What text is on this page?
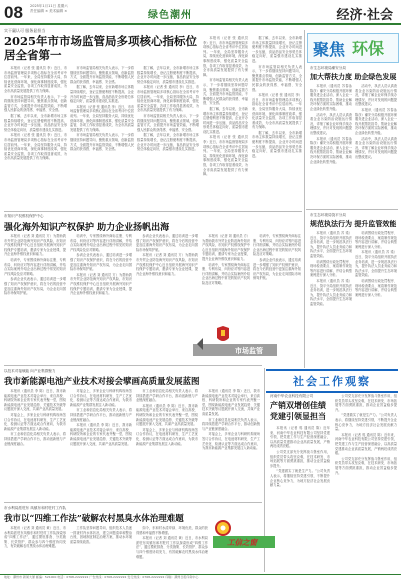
08 2025年1月11日 星期六
责任编辑 × 美术编辑 ×	绿色潮州	经济·社会
实干赢认可 服务显担当
2025年市市场监管局多项核心指标位居全省第一

本报讯（记者 张 通讯员 李）近日，市市场监督管理局多项核心指标在全省考评中位居前列。一年来，全局坚持服务大局，持续优化营商环境，深化商事制度改革，强化质量安全监管，各项工作取得显著成效，为全市高质量发展提供了有力保障。

市市场监管局相关负责人表示，下一步将继续坚持问题导向，聚焦重点领域，创新监管方式，全面提升市场监管效能，不断增强人民群众的获得感、幸福感、安全感。

据了解，去年以来，全市新增市场主体数量持续增长，登记注册便利度不断提高，企业开办时间进一步压缩，食品药品安全形势总体稳定向好，质量强市建设扎实推进。

本报讯（记者 张 通讯员 李）近日，市市场监督管理局多项核心指标在全省考评中位居前列。一年来，全局坚持服务大局，持续优化营商环境，深化商事制度改革，强化质量安全监管，各项工作取得显著成效，为全市高质量发展提供了有力保障。

市市场监管局相关负责人表示，下一步将继续坚持问题导向，聚焦重点领域，创新监管方式，全面提升市场监管效能，不断增强人民群众的获得感、幸福感、安全感。

据了解，去年以来，全市新增市场主体数量持续增长，登记注册便利度不断提高，企业开办时间进一步压缩，食品药品安全形势总体稳定向好，质量强市建设扎实推进。

本报讯（记者 张 通讯员 李）近日，市市场监督管理局多项核心指标在全省考评中位居前列。一年来，全局坚持服务大局，持续优化营商环境，深化商事制度改革，强化质量安全监管，各项工作取得显著成效，为全市高质量发展提供了有力保障。

市市场监管局相关负责人表示，下一步将继续坚持问题导向，聚焦重点领域，创新监管方式，全面提升市场监管效能，不断增强人民群众的获得感、幸福感、安全感。

据了解，去年以来，全市新增市场主体数量持续增长，登记注册便利度不断提高，企业开办时间进一步压缩，食品药品安全形势总体稳定向好，质量强市建设扎实推进。

本报讯（记者 张 通讯员 李）近日，市市场监督管理局多项核心指标在全省考评中位居前列。一年来，全局坚持服务大局，持续优化营商环境，深化商事制度改革，强化质量安全监管，各项工作取得显著成效，为全市高质量发展提供了有力保障。

市市场监管局相关负责人表示，下一步将继续坚持问题导向，聚焦重点领域，创新监管方式，全面提升市场监管效能，不断增强人民群众的获得感、幸福感、安全感。

据了解，去年以来，全市新增市场主体数量持续增长，登记注册便利度不断提高，企业开办时间进一步压缩，食品药品安全形势总体稳定向好，质量强市建设扎实推进。

本报讯（记者 张 通讯员 李）近日，市市场监督管理局多项核心指标在全省考评中位居前列。一年来，全局坚持服务大局，持续优化营商环境，深化商事制度改革，强化质量安全监管，各项工作取得显著成效，为全市高质量发展提供了有力保障。

市市场监管局相关负责人表示，下一步将继续坚持问题导向，聚焦重点领域，创新监管方式，全面提升市场监管效能，不断增强人民群众的获得感、幸福感、安全感。

据了解，去年以来，全市新增市场主体数量持续增长，登记注册便利度不断提高，企业开办时间进一步压缩，食品药品安全形势总体稳定向好，质量强市建设扎实推进。

本报讯（记者 张 通讯员 李）近日，市市场监督管理局多项核心指标在全省考评中位居前列。一年来，全局坚持服务大局，持续优化营商环境，深化商事制度改革，强化质量安全监管，各项工作取得显著成效，为全市高质量发展提供了有力保障。

据了解，去年以来，全市新增市场主体数量持续增长，登记注册便利度不断提高，企业开办时间进一步压缩，食品药品安全形势总体稳定向好，质量强市建设扎实推进。

市市场监管局相关负责人表示，下一步将继续坚持问题导向，聚焦重点领域，创新监管方式，全面提升市场监管效能，不断增强人民群众的获得感、幸福感、安全感。

本报讯（记者 张 通讯员 李）近日，市市场监督管理局多项核心指标在全省考评中位居前列。一年来，全局坚持服务大局，持续优化营商环境，深化商事制度改革，强化质量安全监管，各项工作取得显著成效，为全市高质量发展提供了有力保障。

据了解，去年以来，全市新增市场主体数量持续增长，登记注册便利度不断提高，企业开办时间进一步压缩，食品药品安全形势总体稳定向好，质量强市建设扎实推进。

聚焦 环保
市生态环境局潮安分局
加大帮扶力度 助企绿色发展

本报讯（通讯员 苏春泳 陈彦）潮安分局积极开展环保服务进企业活动，深入企业一线开展帮扶指导，帮助企业解决环保方面的实际困难，推动企业绿色转型升级。

活动中，执法人员认真查看企业污染防治设施运行情况，详细了解企业环保手续办理情况，并针对发现的问题提出整改建议。

本报讯（通讯员 苏春泳 陈彦）潮安分局积极开展环保服务进企业活动，深入企业一线开展帮扶指导，帮助企业解决环保方面的实际困难，推动企业绿色转型升级。

活动中，执法人员认真查看企业污染防治设施运行情况，详细了解企业环保手续办理情况，并针对发现的问题提出整改建议。

本报讯（通讯员 苏春泳 陈彦）潮安分局积极开展环保服务进企业活动，深入企业一线开展帮扶指导，帮助企业解决环保方面的实际困难，推动企业绿色转型升级。

活动中，执法人员认真查看企业污染防治设施运行情况，详细了解企业环保手续办理情况，并针对发现的问题提出整改建议。

市生态环境局饶平分局
规范执法行为 提升监管效能

本报讯（通讯员 苏 梁）近日，饶平分局组织开展执法业务培训，进一步规范执法行为，提升执法人员业务能力和执法水平，全面提升生态环境监管效能。

培训围绕行政处罚程序、现场检查要点、案卷制作规范等内容进行讲解，并结合典型案例进行深入分析。

本报讯（通讯员 苏 梁）近日，饶平分局组织开展执法业务培训，进一步规范执法行为，提升执法人员业务能力和执法水平，全面提升生态环境监管效能。

培训围绕行政处罚程序、现场检查要点、案卷制作规范等内容进行讲解，并结合典型案例进行深入分析。

本报讯（通讯员 苏 梁）近日，饶平分局组织开展执法业务培训，进一步规范执法行为，提升执法人员业务能力和执法水平，全面提升生态环境监管效能。

培训围绕行政处罚程序、现场检查要点、案卷制作规范等内容进行讲解，并结合典型案例进行深入分析。

市知识产权维权保护中心
强化海外知识产权保护 助力企业扬帆出海

本报讯（记者 刘 通讯员 方）为帮助我市外贸企业防范海外知识产权风险，市知识产权维权保护中心近日组织开展海外知识产权保护专题培训，邀请专家为企业授课，提升企业海外维权意识和能力。

培训中，专家围绕海外商标注册、专利布局、纠纷应对等内容进行详细讲解，并结合实际案例介绍企业出海过程中常见的知识产权风险及应对策略。

参训企业代表表示，通过培训进一步增强了知识产权保护意识，将在今后的经营中更加注重海外知识产权布局，为企业走向国际市场保驾护航。

培训中，专家围绕海外商标注册、专利布局、纠纷应对等内容进行详细讲解，并结合实际案例介绍企业出海过程中常见的知识产权风险及应对策略。

参训企业代表表示，通过培训进一步增强了知识产权保护意识，将在今后的经营中更加注重海外知识产权布局，为企业走向国际市场保驾护航。

本报讯（记者 刘 通讯员 方）为帮助我市外贸企业防范海外知识产权风险，市知识产权维权保护中心近日组织开展海外知识产权保护专题培训，邀请专家为企业授课，提升企业海外维权意识和能力。

参训企业代表表示，通过培训进一步增强了知识产权保护意识，将在今后的经营中更加注重海外知识产权布局，为企业走向国际市场保驾护航。

本报讯（记者 刘 通讯员 方）为帮助我市外贸企业防范海外知识产权风险，市知识产权维权保护中心近日组织开展海外知识产权保护专题培训，邀请专家为企业授课，提升企业海外维权意识和能力。

本报讯（记者 刘 通讯员 方）为帮助我市外贸企业防范海外知识产权风险，市知识产权维权保护中心近日组织开展海外知识产权保护专题培训，邀请专家为企业授课，提升企业海外维权意识和能力。

培训中，专家围绕海外商标注册、专利布局、纠纷应对等内容进行详细讲解，并结合实际案例介绍企业出海过程中常见的知识产权风险及应对策略。

培训中，专家围绕海外商标注册、专利布局、纠纷应对等内容进行详细讲解，并结合实际案例介绍企业出海过程中常见的知识产权风险及应对策略。

参训企业代表表示，通过培训进一步增强了知识产权保护意识，将在今后的经营中更加注重海外知识产权布局，为企业走向国际市场保驾护航。

市场监管
以技术对接赋能 向产业集群聚力
我市新能源电池产业技术对接会擘画高质量发展蓝图

本报讯（通讯员 李 陈）近日，我市新能源电池产业技术对接会举行，来自高校、科研院所和企业的专家代表齐聚一堂，围绕新能源电池产业发展趋势、关键技术突破等议题展开深入交流，共谋产业高质量发展。

对接会上，多家企业与科研机构现场签订合作协议，在电池材料研发、生产工艺优化、检测认证等方面达成合作意向，为我市新能源产业集群发展注入新动能。

市工业和信息化局相关负责人表示，将持续搭建产学研合作平台，推动创新链与产业链深度融合。

对接会上，多家企业与科研机构现场签订合作协议，在电池材料研发、生产工艺优化、检测认证等方面达成合作意向，为我市新能源产业集群发展注入新动能。

市工业和信息化局相关负责人表示，将持续搭建产学研合作平台，推动创新链与产业链深度融合。

本报讯（通讯员 李 陈）近日，我市新能源电池产业技术对接会举行，来自高校、科研院所和企业的专家代表齐聚一堂，围绕新能源电池产业发展趋势、关键技术突破等议题展开深入交流，共谋产业高质量发展。

市工业和信息化局相关负责人表示，将持续搭建产学研合作平台，推动创新链与产业链深度融合。

本报讯（通讯员 李 陈）近日，我市新能源电池产业技术对接会举行，来自高校、科研院所和企业的专家代表齐聚一堂，围绕新能源电池产业发展趋势、关键技术突破等议题展开深入交流，共谋产业高质量发展。

对接会上，多家企业与科研机构现场签订合作协议，在电池材料研发、生产工艺优化、检测认证等方面达成合作意向，为我市新能源产业集群发展注入新动能。

本报讯（通讯员 李 陈）近日，我市新能源电池产业技术对接会举行，来自高校、科研院所和企业的专家代表齐聚一堂，围绕新能源电池产业发展趋势、关键技术突破等议题展开深入交流，共谋产业高质量发展。

市工业和信息化局相关负责人表示，将持续搭建产学研合作平台，推动创新链与产业链深度融合。

对接会上，多家企业与科研机构现场签订合作协议，在电池材料研发、生产工艺优化、检测认证等方面达成合作意向，为我市新能源产业集群发展注入新动能。

社会工作观察
河南中华农业科技有限公司
产销双增创佳绩 党建引领显担当

本报讯（记者 郭 通讯员 陈）近年来，河南中华农业科技有限公司坚持党建引领，把党建工作与生产经营深度融合，以高质量党建推动企业高质量发展，产销两旺成绩亮眼。

公司党支部充分发挥战斗堡垒作用，组织党员带头攻坚克难，在技术研发、市场拓展等方面勇挑重担，推动企业效益稳步提升。

“党建做实了就是生产力。”公司负责人表示，将继续坚持党建引领，不断提升企业核心竞争力，为地方经济社会发展贡献力量。

公司党支部充分发挥战斗堡垒作用，组织党员带头攻坚克难，在技术研发、市场拓展等方面勇挑重担，推动企业效益稳步提升。

“党建做实了就是生产力。”公司负责人表示，将继续坚持党建引领，不断提升企业核心竞争力，为地方经济社会发展贡献力量。

本报讯（记者 郭 通讯员 陈）近年来，河南中华农业科技有限公司坚持党建引领，把党建工作与生产经营深度融合，以高质量党建推动企业高质量发展，产销两旺成绩亮眼。

公司党支部充分发挥战斗堡垒作用，组织党员带头攻坚克难，在技术研发、市场拓展等方面勇挑重担，推动企业效益稳步提升。

市水利局派驻东 凤镇东和村驻村工作队
我市以“四维工作法”破解农村黑臭水体治理难题

本报讯（记者 刘 通讯员 黄）近日，市水利局派驻东凤镇东和村驻村工作队探索形成“四维工作法”，通过摸底排查、分类施策、长效管护、群众参与四个维度协同发力，有效破解农村黑臭水体治理难题。

工作队坚持问题导向，组织技术人员逐一排查村内水体状况，建立问题清单和整治台账，因地制宜制定治理方案，推动水环境质量持续改善。

如今，东和村水清岸绿、环境优美，群众的获得感和幸福感不断增强。

本报讯（记者 刘 通讯员 黄）近日，市水利局派驻东凤镇东和村驻村工作队探索形成“四维工作法”，通过摸底排查、分类施策、长效管护、群众参与四个维度协同发力，有效破解农村黑臭水体治理难题。

工信之窗
地址：潮州市 新闻大厦 邮编：521000 电话：0768-2222222 广告热线：0768-2222222 发行热线：0768-2222222 印刷：潮州日报印务中心
